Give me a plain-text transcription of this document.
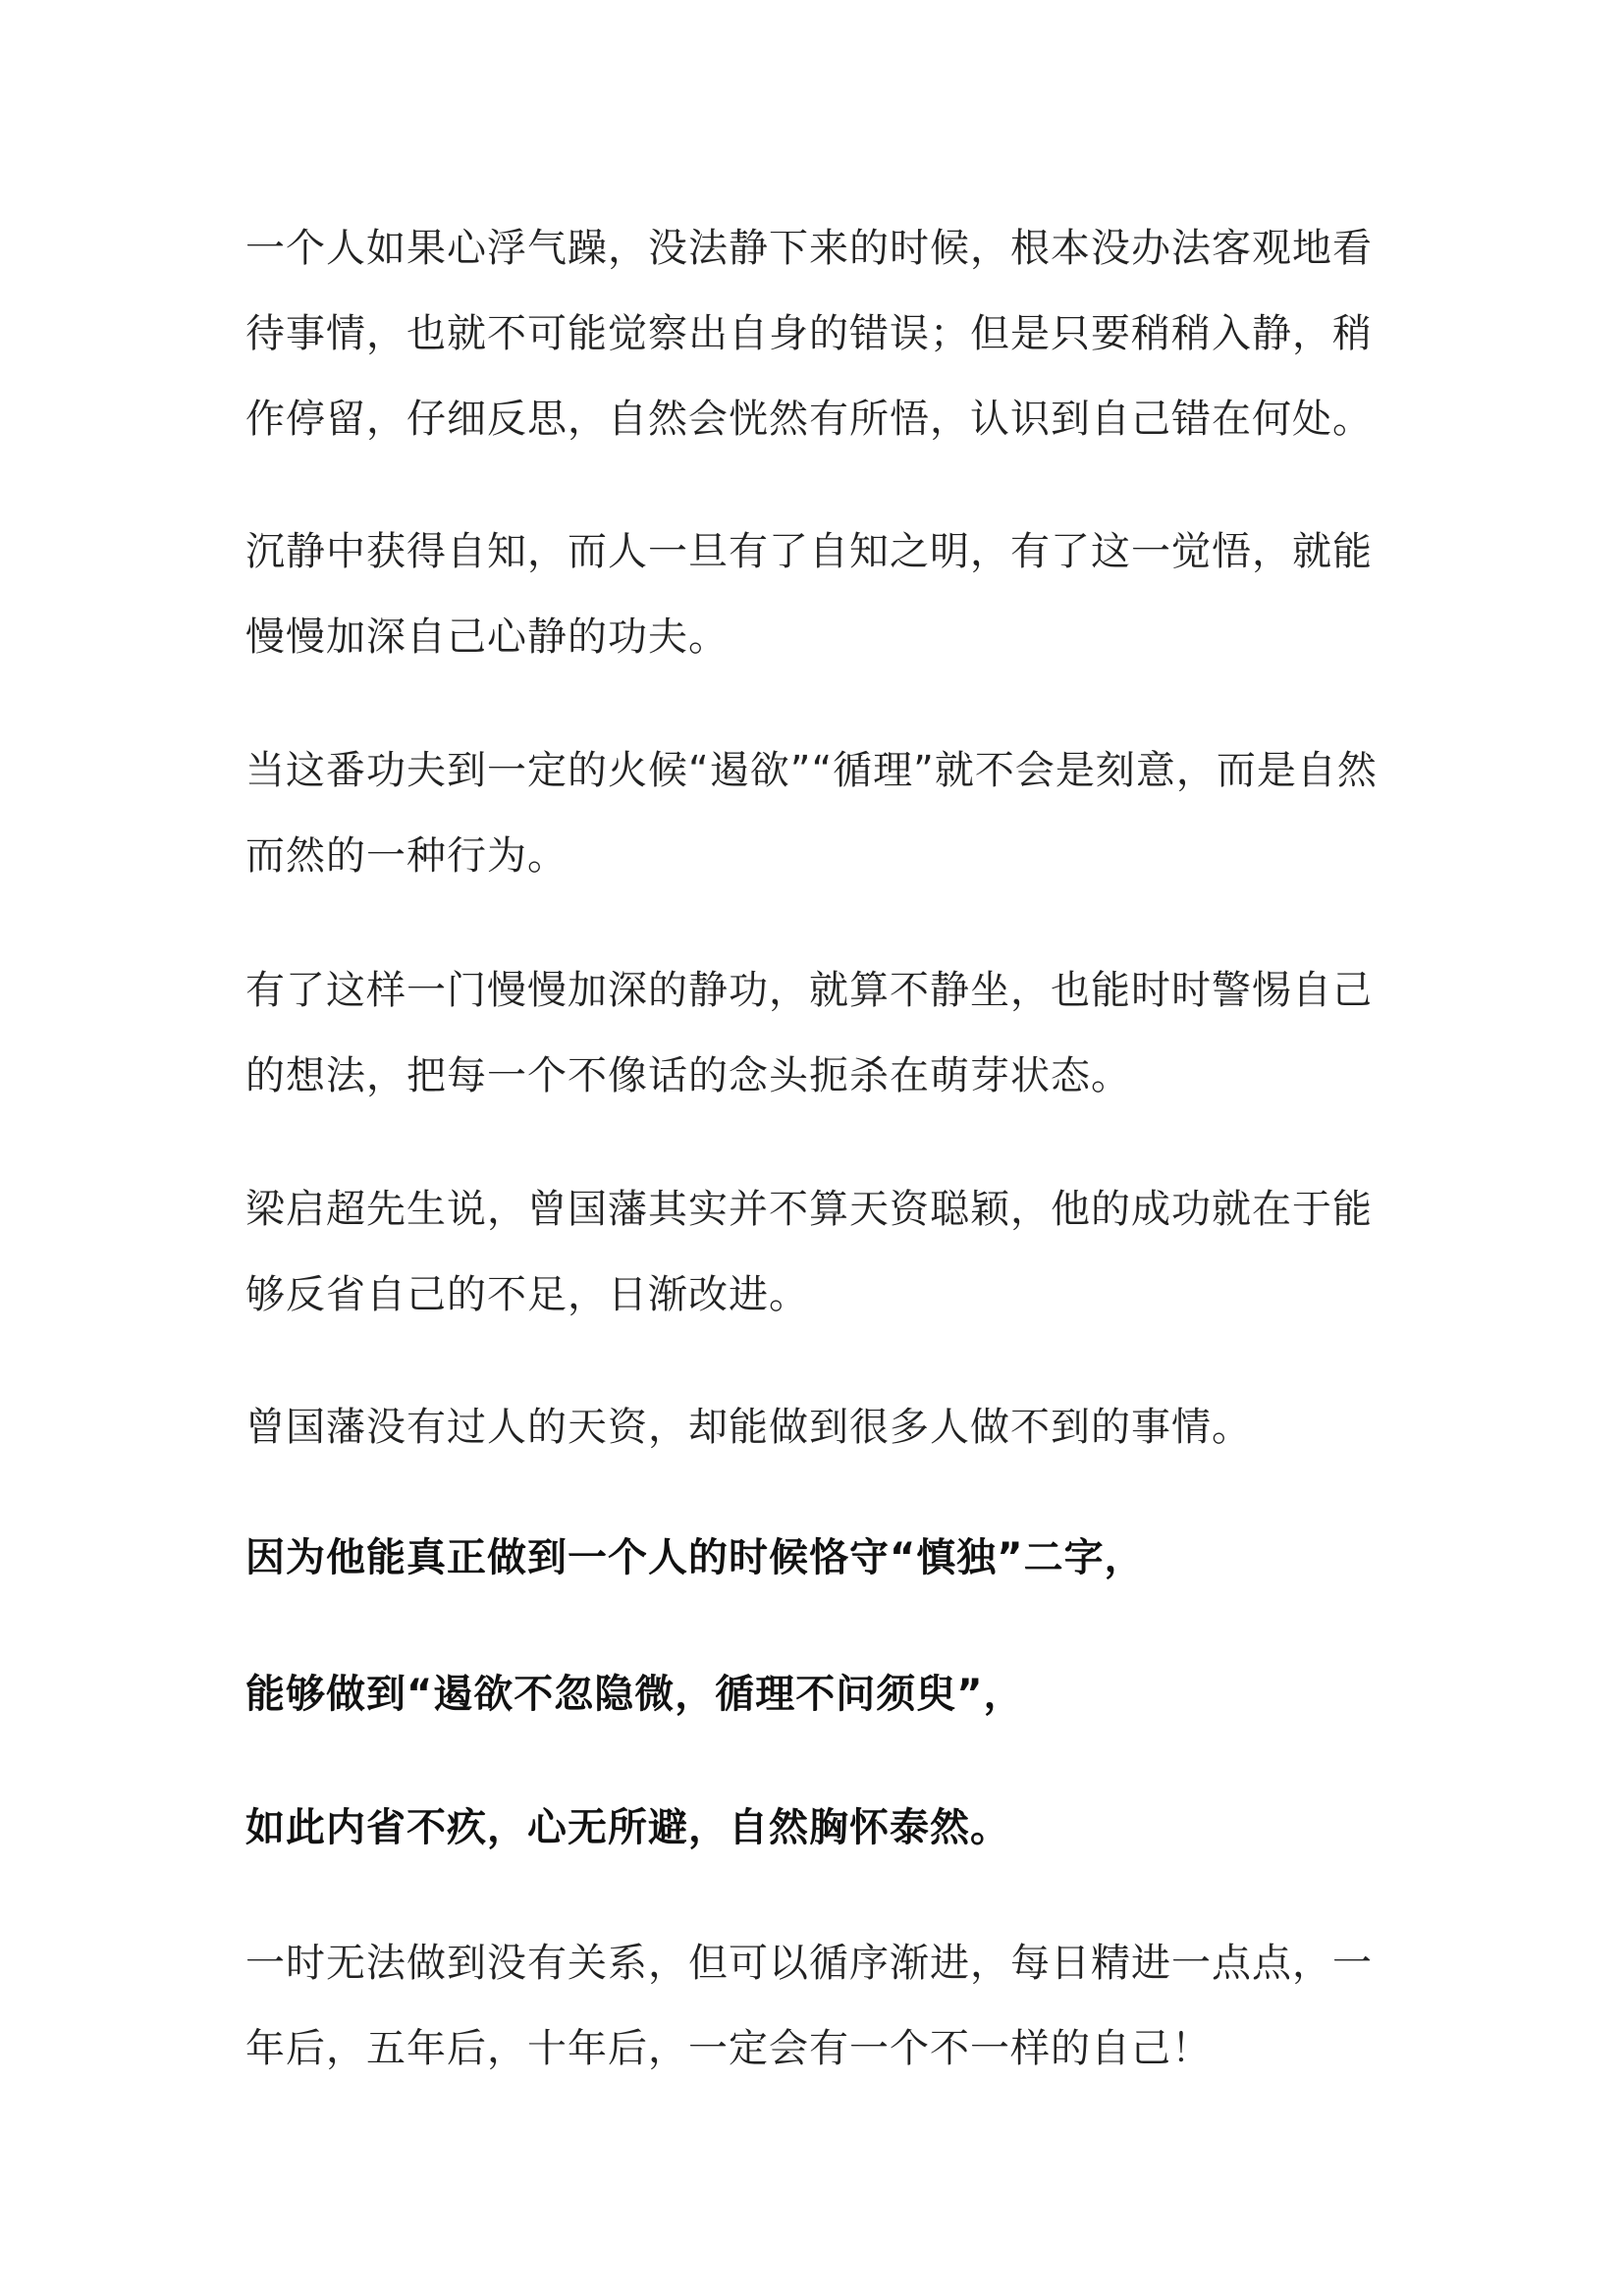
一个人如果心浮气躁，没法静下来的时候，根本没办法客观地看待事情，也就不可能觉察出自身的错误；但是只要稍稍入静，稍作停留，仔细反思，自然会恍然有所悟，认识到自己错在何处。

沉静中获得自知，而人一旦有了自知之明，有了这一觉悟，就能慢慢加深自己心静的功夫。

当这番功夫到一定的火候“遏欲”“循理”就不会是刻意，而是自然而然的一种行为。

有了这样一门慢慢加深的静功，就算不静坐，也能时时警惕自己的想法，把每一个不像话的念头扼杀在萌芽状态。

梁启超先生说，曾国藩其实并不算天资聪颖，他的成功就在于能够反省自己的不足，日渐改进。

曾国藩没有过人的天资，却能做到很多人做不到的事情。

因为他能真正做到一个人的时候恪守“慎独”二字，

能够做到“遏欲不忽隐微，循理不问须臾”，

如此内省不疚，心无所避，自然胸怀泰然。

一时无法做到没有关系，但可以循序渐进，每日精进一点点，一年后，五年后，十年后，一定会有一个不一样的自己！
